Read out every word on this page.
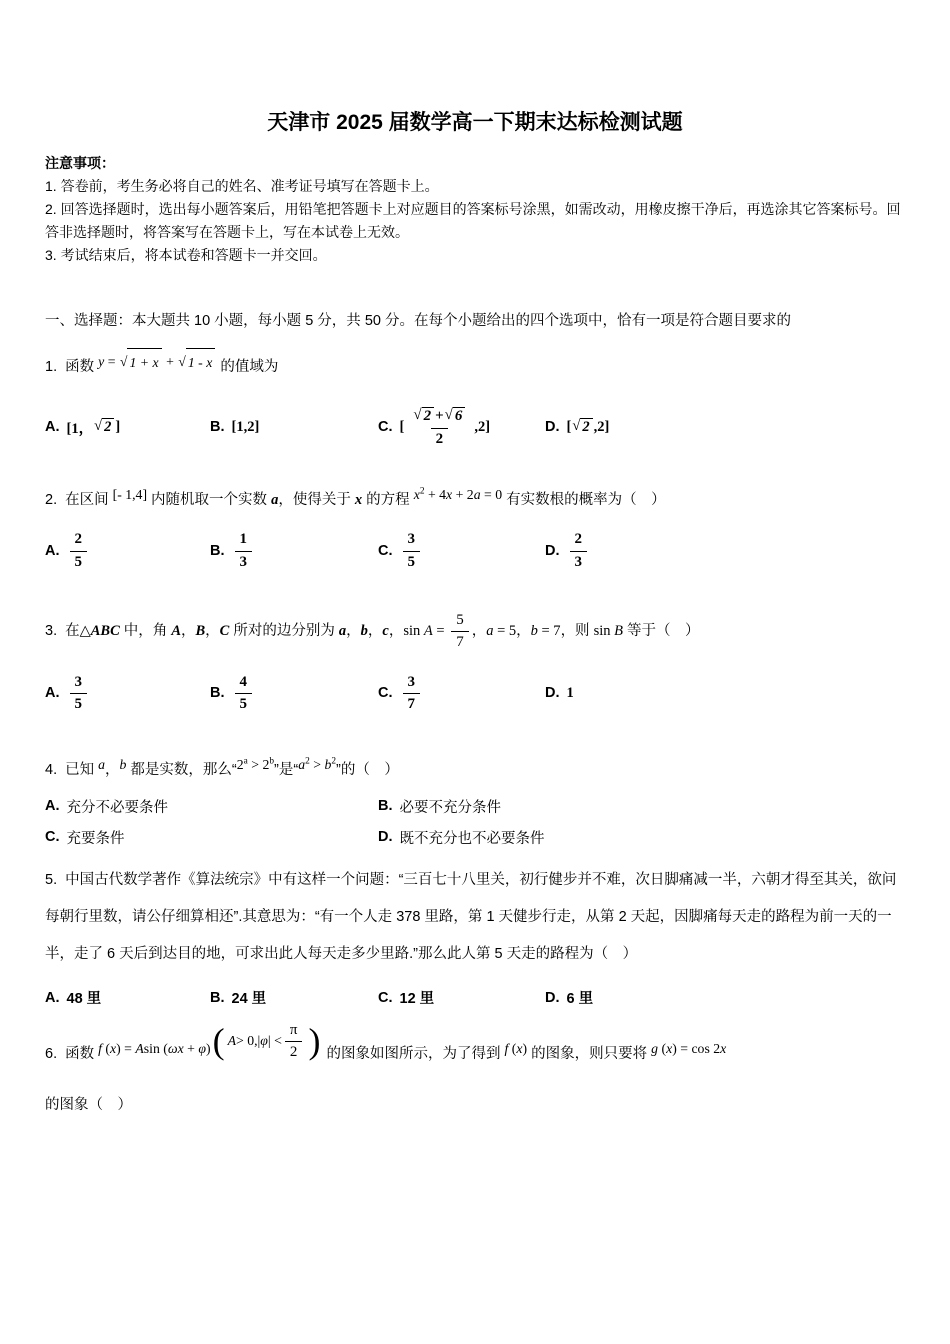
天津市 2025 届数学高一下期末达标检测试题

注意事项：

1. 答卷前，考生务必将自己的姓名、准考证号填写在答题卡上。

2. 回答选择题时，选出每小题答案后，用铅笔把答题卡上对应题目的答案标号涂黑，如需改动，用橡皮擦干净后，再选涂其它答案标号。回答非选择题时，将答案写在答题卡上，写在本试卷上无效。

3. 考试结束后，将本试卷和答题卡一并交回。

一、选择题：本大题共 10 小题，每小题 5 分，共 50 分。在每个小题给出的四个选项中，恰有一项是符合题目要求的

1. 函数 y = √ 1 + x + √ 1 - x 的值域为

A. [1， √ 2 ]	B. [1,2]	C. [ $\frac{√ 2 + √ 6}{2} ,2$]	D. [ √ 2 ,2]

2. 在区间 [- 1,4] 内随机取一个实数 a，使得关于 x 的方程 $x^2 + 4x + 2a = 0$ 有实数根的概率为（　）

A. $\frac{2}{5}$	B. $\frac{1}{3}$	C. $\frac{3}{5}$	D. $\frac{2}{3}$

3. 在△ABC 中，角 A，B，C 所对的边分别为 a，b，c，$\sin A = \frac{5}{7}$ ，a = 5，b = 7，则 sin B 等于（　）

A. $\frac{3}{5}$	B. $\frac{4}{5}$	C. $\frac{3}{7}$	D. 1

4. 已知 a，b 都是实数，那么“$2^a > 2^b$”是“$a^2 > b^2$”的（　）

A. 充分不必要条件	B. 必要不充分条件
C. 充要条件	D. 既不充分也不必要条件

5. 中国古代数学著作《算法统宗》中有这样一个问题：“三百七十八里关，初行健步并不难，次日脚痛减一半，六朝才得至其关，欲问每朝行里数，请公仔细算相还”.其意思为：“有一个人走 378 里路，第 1 天健步行走，从第 2 天起，因脚痛每天走的路程为前一天的一半，走了 6 天后到达目的地，可求出此人每天走多少里路.”那么此人第 5 天走的路程为（　）

A. 48 里	B. 24 里	C. 12 里	D. 6 里

6. 函数 f (x) = Asin (ωx + φ) ( A > 0, | φ | < $\frac{\pi}{2}$ ) 的图象如图所示，为了得到 f (x) 的图象，则只要将 g (x) = cos 2x

的图象（　）
